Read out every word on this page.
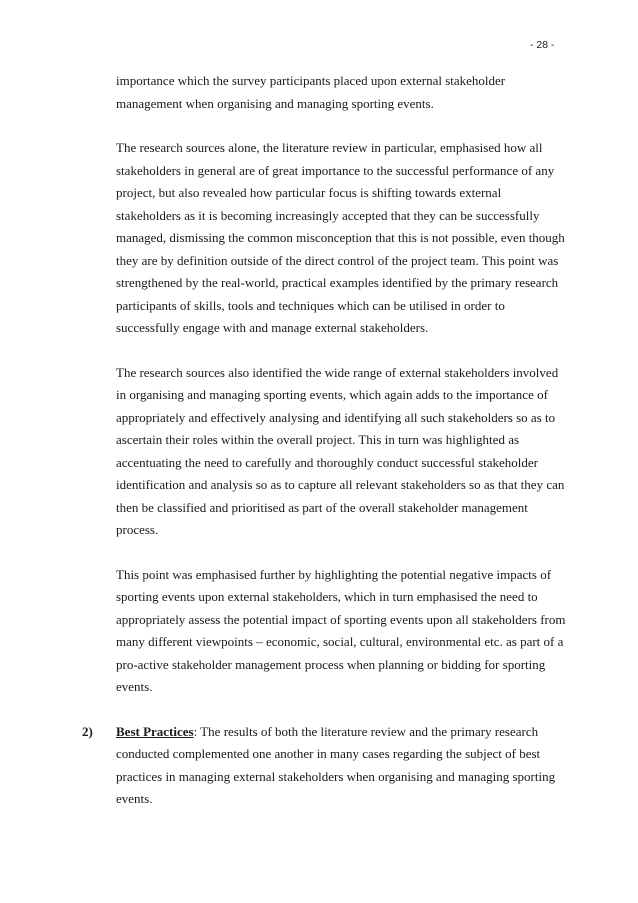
- 28 -

importance which the survey participants placed upon external stakeholder
management when organising and managing sporting events.

The research sources alone, the literature review in particular, emphasised how all
stakeholders in general are of great importance to the successful performance of any
project, but also revealed how particular focus is shifting towards external
stakeholders as it is becoming increasingly accepted that they can be successfully
managed, dismissing the common misconception that this is not possible, even though
they are by definition outside of the direct control of the project team. This point was
strengthened by the real-world, practical examples identified by the primary research
participants of skills, tools and techniques which can be utilised in order to
successfully engage with and manage external stakeholders.

The research sources also identified the wide range of external stakeholders involved
in organising and managing sporting events, which again adds to the importance of
appropriately and effectively analysing and identifying all such stakeholders so as to
ascertain their roles within the overall project. This in turn was highlighted as
accentuating the need to carefully and thoroughly conduct successful stakeholder
identification and analysis so as to capture all relevant stakeholders so as that they can
then be classified and prioritised as part of the overall stakeholder management
process.

This point was emphasised further by highlighting the potential negative impacts of
sporting events upon external stakeholders, which in turn emphasised the need to
appropriately assess the potential impact of sporting events upon all stakeholders from
many different viewpoints – economic, social, cultural, environmental etc. as part of a
pro-active stakeholder management process when planning or bidding for sporting
events.

2) Best Practices: The results of both the literature review and the primary research
conducted complemented one another in many cases regarding the subject of best
practices in managing external stakeholders when organising and managing sporting
events.
